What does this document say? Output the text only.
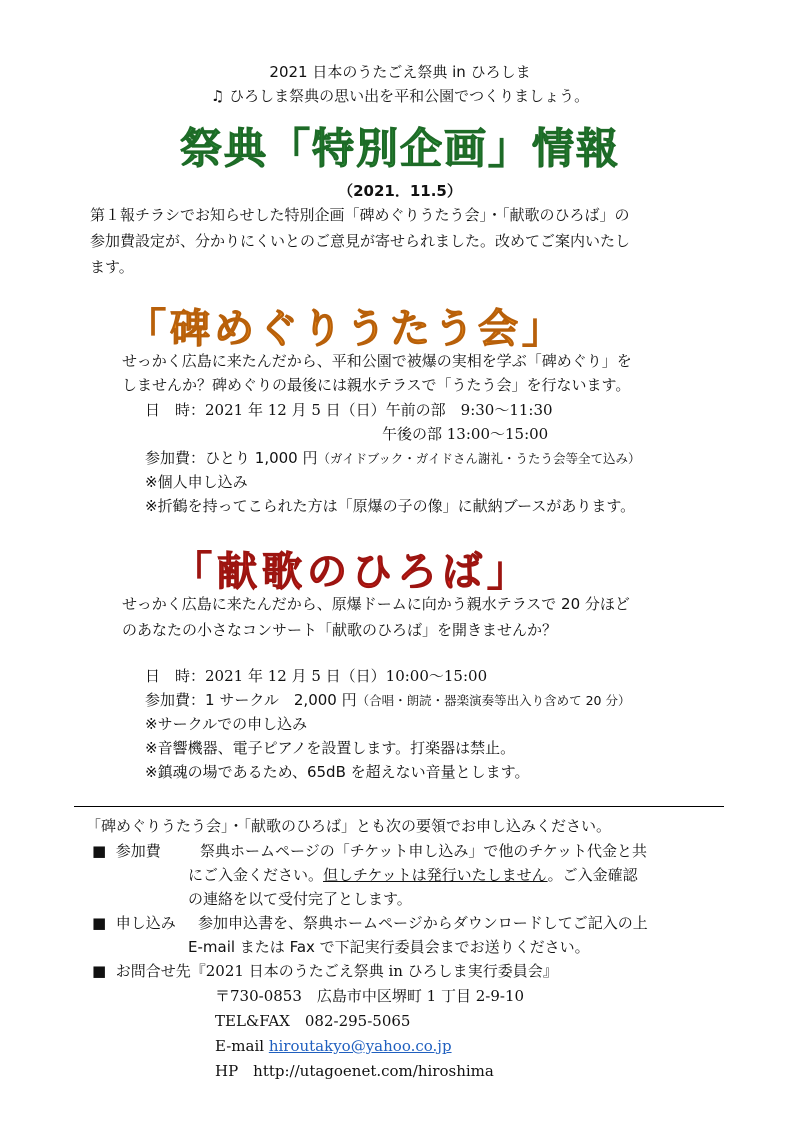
2021 日本のうたごえ祭典 in ひろしま
♫ ひろしま祭典の思い出を平和公園でつくりましょう。
祭典「特別企画」情報
（2021．11.5）
第１報チラシでお知らせした特別企画「碑めぐりうたう会」・「献歌のひろば」の
参加費設定が、分かりにくいとのご意見が寄せられました。改めてご案内いたし
ます。
「碑めぐりうたう会」
せっかく広島に来たんだから、平和公園で被爆の実相を学ぶ「碑めぐり」を
しませんか？碑めぐりの最後には親水テラスで「うたう会」を行ないます。
日　時：2021 年 12 月 5 日（日）午前の部　9:30～11:30
午後の部 13:00～15:00
参加費：ひとり 1,000 円（ガイドブック・ガイドさん謝礼・うたう会等全て込み）
※個人申し込み
※折鶴を持ってこられた方は「原爆の子の像」に献納ブースがあります。
「献歌のひろば」
せっかく広島に来たんだから、原爆ドームに向かう親水テラスで 20 分ほど
のあなたの小さなコンサート「献歌のひろば」を開きませんか？
日　時：2021 年 12 月 5 日（日）10:00～15:00
参加費：1 サークル　2,000 円（合唱・朗読・器楽演奏等出入り含めて 20 分）
※サークルでの申し込み
※音響機器、電子ピアノを設置します。打楽器は禁止。
※鎮魂の場であるため、65dB を超えない音量とします。
「碑めぐりうたう会」・「献歌のひろば」とも次の要領でお申し込みください。
■ 参加費	祭典ホームページの「チケット申し込み」で他のチケット代金と共
にご入金ください。但しチケットは発行いたしません。ご入金確認
の連絡を以て受付完了とします。
■ 申し込み 参加申込書を、祭典ホームページからダウンロードしてご記入の上
E-mail または Fax で下記実行委員会までお送りください。
■ お問合せ先『2021 日本のうたごえ祭典 in ひろしま実行委員会』
〒730-0853　広島市中区堺町 1 丁目 2-9-10
TEL&FAX　082-295-5065
E-mail hiroutakyo@yahoo.co.jp
HP　http://utagoenet.com/hiroshima
